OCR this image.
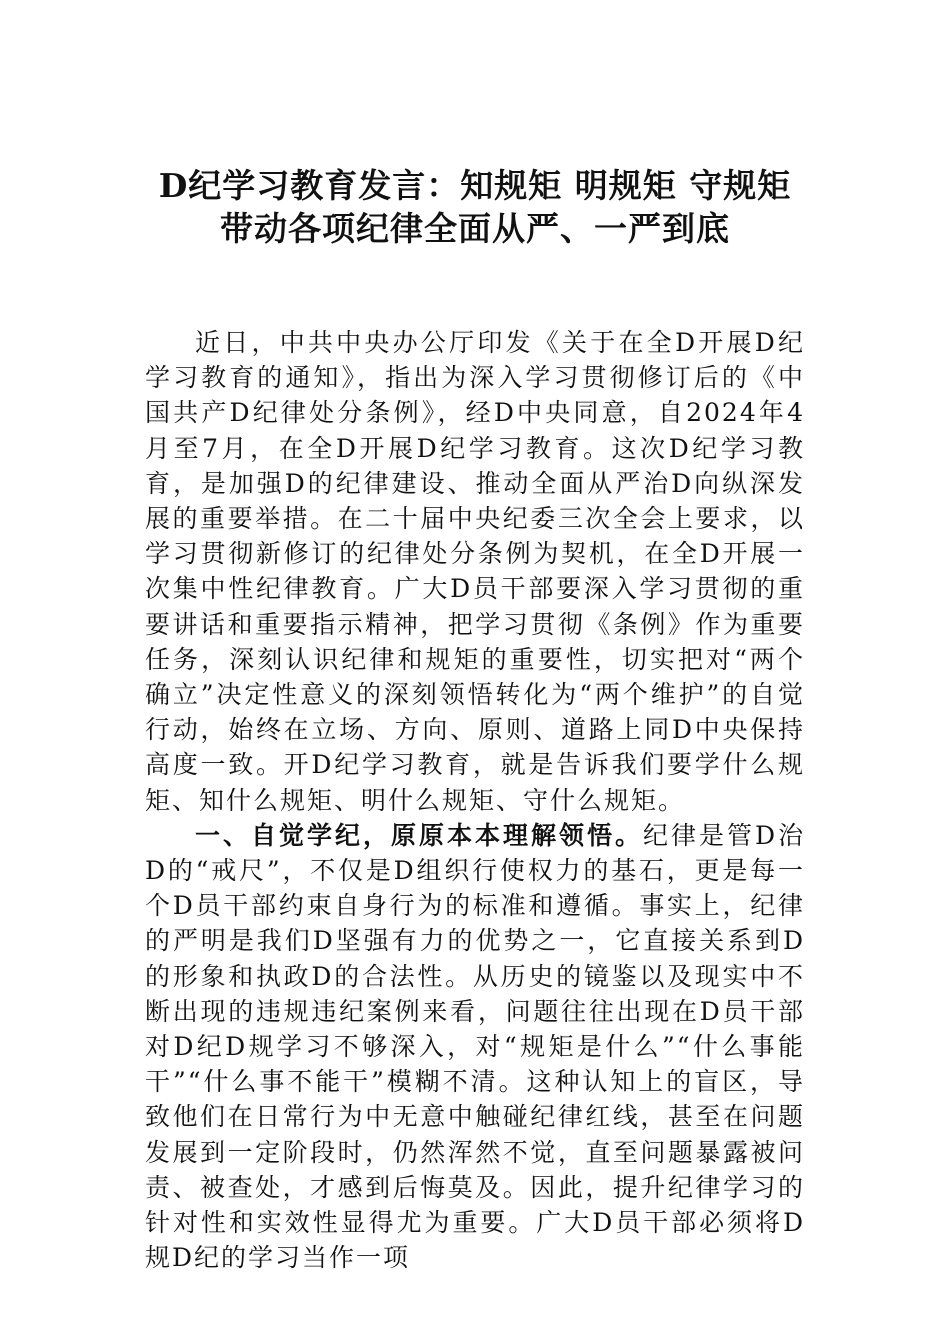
D纪学习教育发言：知规矩 明规矩 守规矩
带动各项纪律全面从严、一严到底

近日，中共中央办公厅印发《关于在全D开展D纪学习教育的通知》，指出为深入学习贯彻修订后的《中国共产D纪律处分条例》，经D中央同意，自2024年4月至7月，在全D开展D纪学习教育。这次D纪学习教育，是加强D的纪律建设、推动全面从严治D向纵深发展的重要举措。在二十届中央纪委三次全会上要求，以学习贯彻新修订的纪律处分条例为契机，在全D开展一次集中性纪律教育。广大D员干部要深入学习贯彻的重要讲话和重要指示精神，把学习贯彻《条例》作为重要任务，深刻认识纪律和规矩的重要性，切实把对“两个确立”决定性意义的深刻领悟转化为“两个维护”的自觉行动，始终在立场、方向、原则、道路上同D中央保持高度一致。开D纪学习教育，就是告诉我们要学什么规矩、知什么规矩、明什么规矩、守什么规矩。

一、自觉学纪，原原本本理解领悟。纪律是管D治D的“戒尺”，不仅是D组织行使权力的基石，更是每一个D员干部约束自身行为的标准和遵循。事实上，纪律的严明是我们D坚强有力的优势之一，它直接关系到D的形象和执政D的合法性。从历史的镜鉴以及现实中不断出现的违规违纪案例来看，问题往往出现在D员干部对D纪D规学习不够深入，对“规矩是什么”“什么事能干”“什么事不能干”模糊不清。这种认知上的盲区，导致他们在日常行为中无意中触碰纪律红线，甚至在问题发展到一定阶段时，仍然浑然不觉，直至问题暴露被问责、被查处，才感到后悔莫及。因此，提升纪律学习的针对性和实效性显得尤为重要。广大D员干部必须将D规D纪的学习当作一项
